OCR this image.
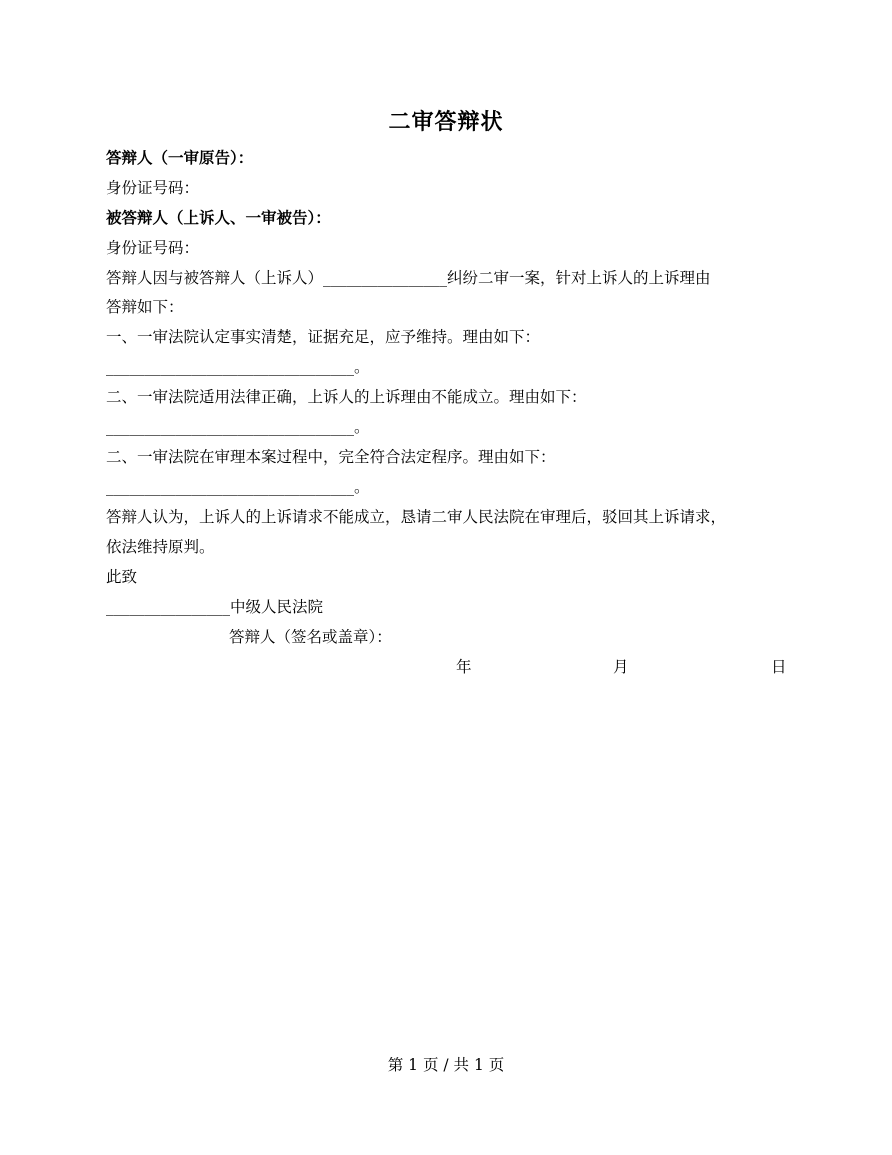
二审答辩状
答辩人（一审原告）：
身份证号码：
被答辩人（上诉人、一审被告）：
身份证号码：
答辩人因与被答辩人（上诉人）________________纠纷二审一案，针对上诉人的上诉理由
答辩如下：
一、一审法院认定事实清楚，证据充足，应予维持。理由如下：
________________________________。
二、一审法院适用法律正确，上诉人的上诉理由不能成立。理由如下：
________________________________。
二、一审法院在审理本案过程中，完全符合法定程序。理由如下：
________________________________。
答辩人认为，上诉人的上诉请求不能成立，恳请二审人民法院在审理后，驳回其上诉请求，
依法维持原判。
此致
________________中级人民法院
答辩人（签名或盖章）：
年	月	日
第 1 页 / 共 1 页
